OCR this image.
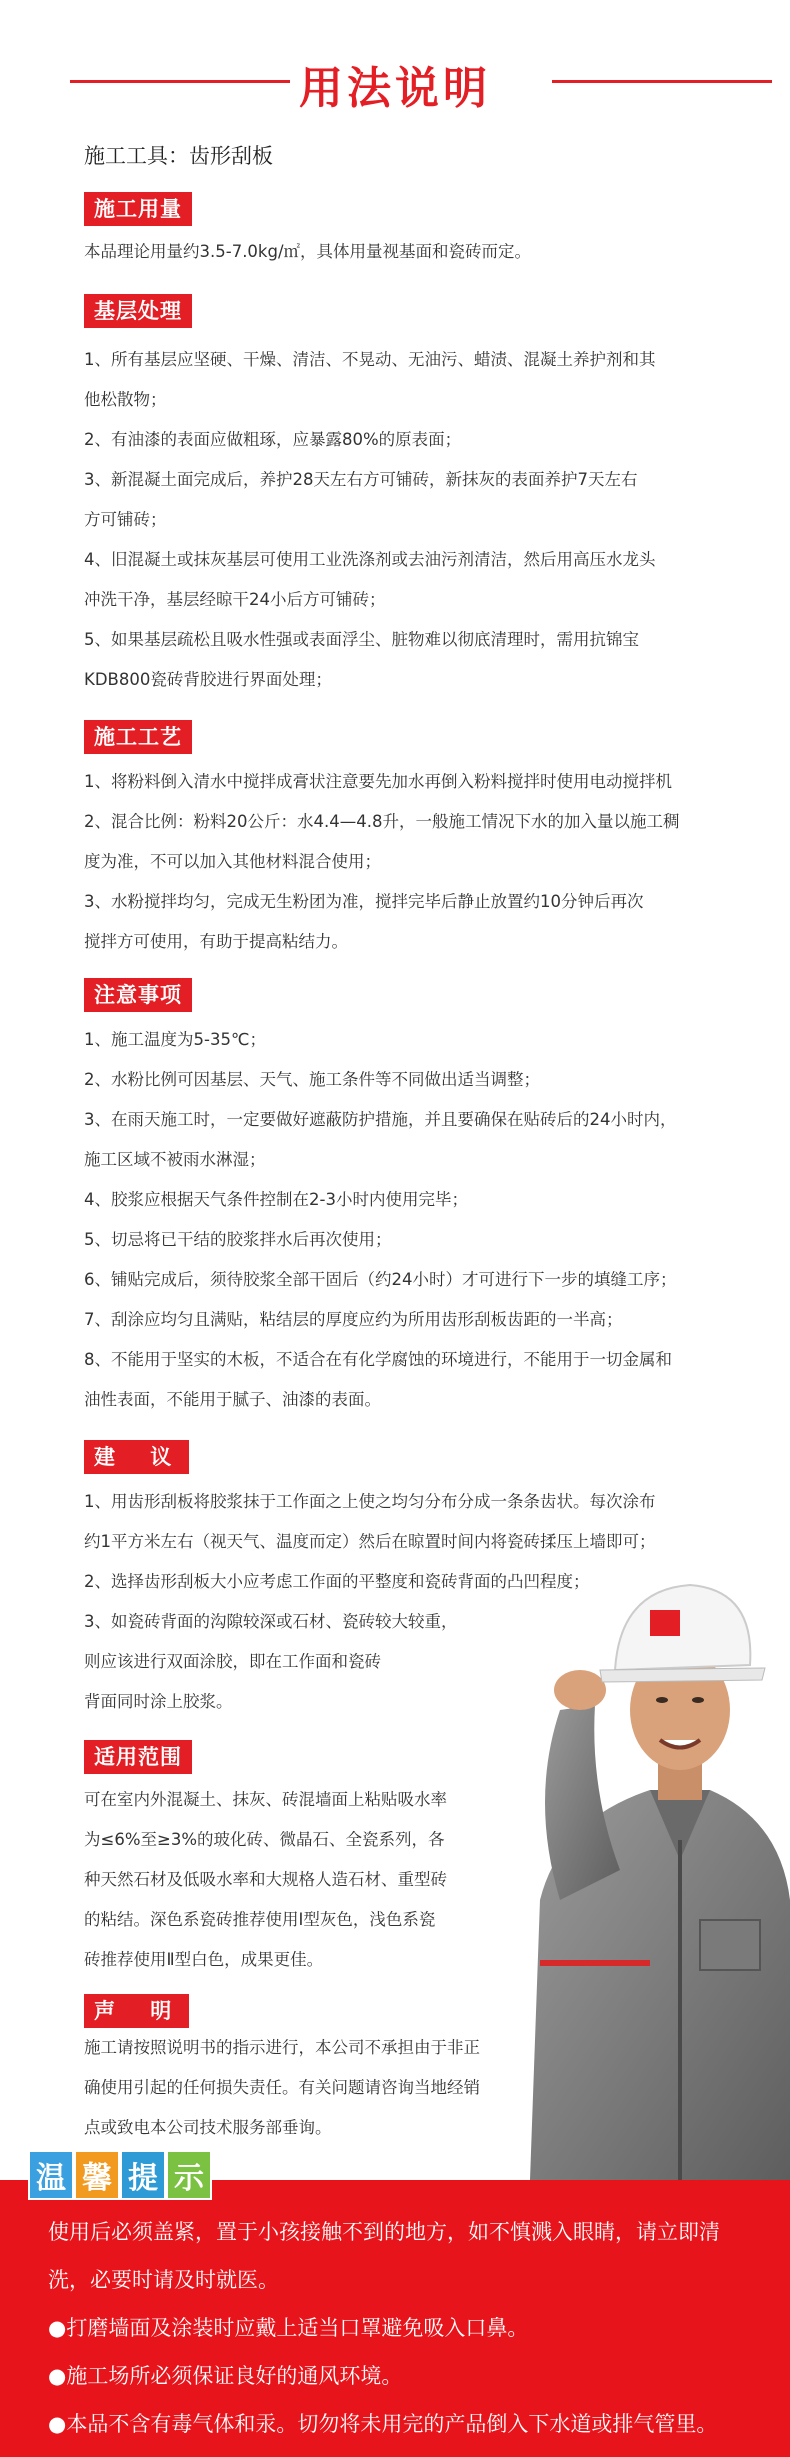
用法说明
施工工具：齿形刮板
施工用量

本品理论用量约3.5-7.0kg/㎡，具体用量视基面和瓷砖而定。

基层处理

1、所有基层应坚硬、干燥、清洁、不晃动、无油污、蜡渍、混凝土养护剂和其

他松散物；

2、有油漆的表面应做粗琢，应暴露80%的原表面；

3、新混凝土面完成后，养护28天左右方可铺砖，新抹灰的表面养护7天左右

方可铺砖；

4、旧混凝土或抹灰基层可使用工业洗涤剂或去油污剂清洁，然后用高压水龙头

冲洗干净，基层经晾干24小后方可铺砖；

5、如果基层疏松且吸水性强或表面浮尘、脏物难以彻底清理时，需用抗锦宝

KDB800瓷砖背胶进行界面处理；

施工工艺

1、将粉料倒入清水中搅拌成膏状注意要先加水再倒入粉料搅拌时使用电动搅拌机

2、混合比例：粉料20公斤：水4.4—4.8升，一般施工情况下水的加入量以施工稠

度为准，不可以加入其他材料混合使用；

3、水粉搅拌均匀，完成无生粉团为准，搅拌完毕后静止放置约10分钟后再次

搅拌方可使用，有助于提高粘结力。

注意事项

1、施工温度为5-35℃；

2、水粉比例可因基层、天气、施工条件等不同做出适当调整；

3、在雨天施工时，一定要做好遮蔽防护措施，并且要确保在贴砖后的24小时内，

施工区域不被雨水淋湿；

4、胶浆应根据天气条件控制在2-3小时内使用完毕；

5、切忌将已干结的胶浆拌水后再次使用；

6、铺贴完成后，须待胶浆全部干固后（约24小时）才可进行下一步的填缝工序；

7、刮涂应均匀且满贴，粘结层的厚度应约为所用齿形刮板齿距的一半高；

8、不能用于坚实的木板，不适合在有化学腐蚀的环境进行，不能用于一切金属和

油性表面，不能用于腻子、油漆的表面。

建 议

1、用齿形刮板将胶浆抹于工作面之上使之均匀分布分成一条条齿状。每次涂布

约1平方米左右（视天气、温度而定）然后在晾置时间内将瓷砖揉压上墙即可；

2、选择齿形刮板大小应考虑工作面的平整度和瓷砖背面的凸凹程度；

3、如瓷砖背面的沟隙较深或石材、瓷砖较大较重，

则应该进行双面涂胶，即在工作面和瓷砖

背面同时涂上胶浆。

适用范围

可在室内外混凝土、抹灰、砖混墙面上粘贴吸水率

为≤6%至≥3%的玻化砖、微晶石、全瓷系列，各

种天然石材及低吸水率和大规格人造石材、重型砖

的粘结。深色系瓷砖推荐使用Ⅰ型灰色，浅色系瓷

砖推荐使用Ⅱ型白色，成果更佳。

声 明

施工请按照说明书的指示进行，本公司不承担由于非正

确使用引起的任何损失责任。有关问题请咨询当地经销

点或致电本公司技术服务部垂询。

温 馨 提 示

使用后必须盖紧，置于小孩接触不到的地方，如不慎溅入眼睛，请立即清

洗，必要时请及时就医。

●打磨墙面及涂装时应戴上适当口罩避免吸入口鼻。

●施工场所必须保证良好的通风环境。

●本品不含有毒气体和汞。切勿将未用完的产品倒入下水道或排气管里。
